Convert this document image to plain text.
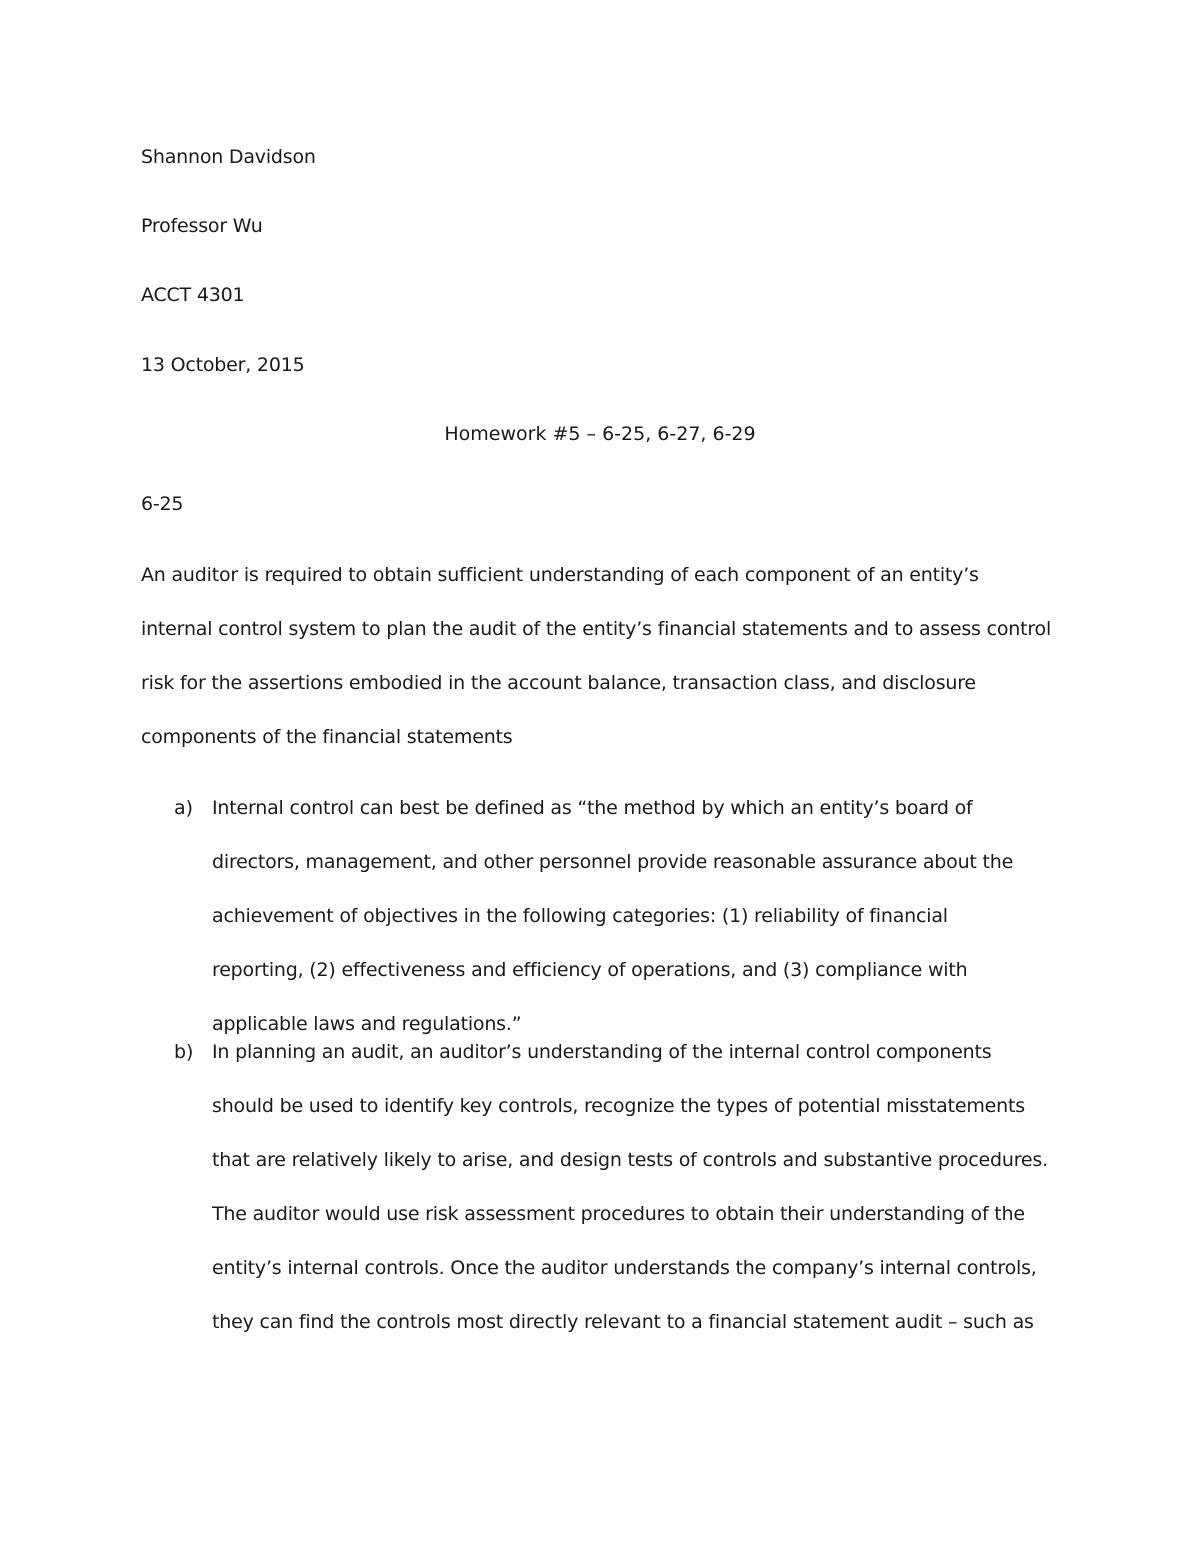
Shannon Davidson
Professor Wu
ACCT 4301
13 October, 2015
Homework #5 – 6-25, 6-27, 6-29
6-25
An auditor is required to obtain sufficient understanding of each component of an entity’s
internal control system to plan the audit of the entity’s financial statements and to assess control
risk for the assertions embodied in the account balance, transaction class, and disclosure
components of the financial statements
a) Internal control can best be defined as “the method by which an entity’s board of
directors, management, and other personnel provide reasonable assurance about the
achievement of objectives in the following categories: (1) reliability of financial
reporting, (2) effectiveness and efficiency of operations, and (3) compliance with
applicable laws and regulations.”
b) In planning an audit, an auditor’s understanding of the internal control components
should be used to identify key controls, recognize the types of potential misstatements
that are relatively likely to arise, and design tests of controls and substantive procedures.
The auditor would use risk assessment procedures to obtain their understanding of the
entity’s internal controls. Once the auditor understands the company’s internal controls,
they can find the controls most directly relevant to a financial statement audit – such as
